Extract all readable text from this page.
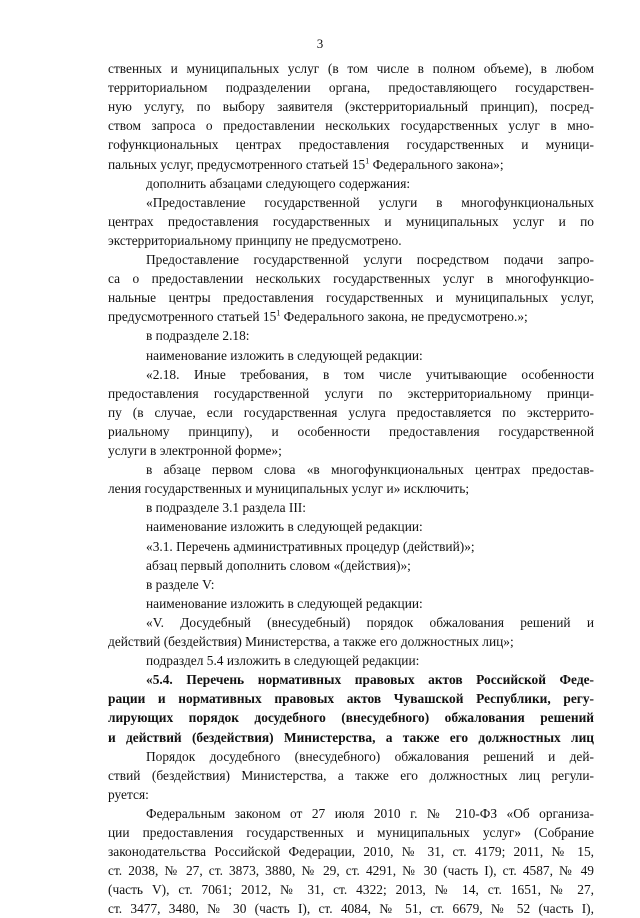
3
ственных и муниципальных услуг (в том числе в полном объеме), в любом
территориальном подразделении органа, предоставляющего государствен-
ную услугу, по выбору заявителя (экстерриториальный принцип), посред-
ством запроса о предоставлении нескольких государственных услуг в мно-
гофункциональных центрах предоставления государственных и муници-
пальных услуг, предусмотренного статьей $15^1$ Федерального закона»;
дополнить абзацами следующего содержания:
«Предоставление государственной услуги в многофункциональных
центрах предоставления государственных и муниципальных услуг и по
экстерриториальному принципу не предусмотрено.
Предоставление государственной услуги посредством подачи запро-
са о предоставлении нескольких государственных услуг в многофункцио-
нальные центры предоставления государственных и муниципальных услуг,
предусмотренного статьей $15^1$ Федерального закона, не предусмотрено.»;
в подразделе 2.18:
наименование изложить в следующей редакции:
«2.18. Иные требования, в том числе учитывающие особенности
предоставления государственной услуги по экстерриториальному принци-
пу (в случае, если государственная услуга предоставляется по экстеррито-
риальному принципу), и особенности предоставления государственной
услуги в электронной форме»;
в абзаце первом слова «в многофункциональных центрах предостав-
ления государственных и муниципальных услуг и» исключить;
в подразделе 3.1 раздела III:
наименование изложить в следующей редакции:
«3.1. Перечень административных процедур (действий)»;
абзац первый дополнить словом «(действия)»;
в разделе V:
наименование изложить в следующей редакции:
«V. Досудебный (внесудебный) порядок обжалования решений и
действий (бездействия) Министерства, а также его должностных лиц»;
подраздел 5.4 изложить в следующей редакции:
«5.4. Перечень нормативных правовых актов Российской Феде-
рации и нормативных правовых актов Чувашской Республики, регу-
лирующих порядок досудебного (внесудебного) обжалования решений
и действий (бездействия) Министерства, а также его должностных лиц
Порядок досудебного (внесудебного) обжалования решений и дей-
ствий (бездействия) Министерства, а также его должностных лиц регули-
руется:
Федеральным законом от 27 июля 2010 г. № 210-ФЗ «Об организа-
ции предоставления государственных и муниципальных услуг» (Собрание
законодательства Российской Федерации, 2010, № 31, ст. 4179; 2011, № 15,
ст. 2038, № 27, ст. 3873, 3880, № 29, ст. 4291, № 30 (часть I), ст. 4587, № 49
(часть V), ст. 7061; 2012, № 31, ст. 4322; 2013, № 14, ст. 1651, № 27,
ст. 3477, 3480, № 30 (часть I), ст. 4084, № 51, ст. 6679, № 52 (часть I),
